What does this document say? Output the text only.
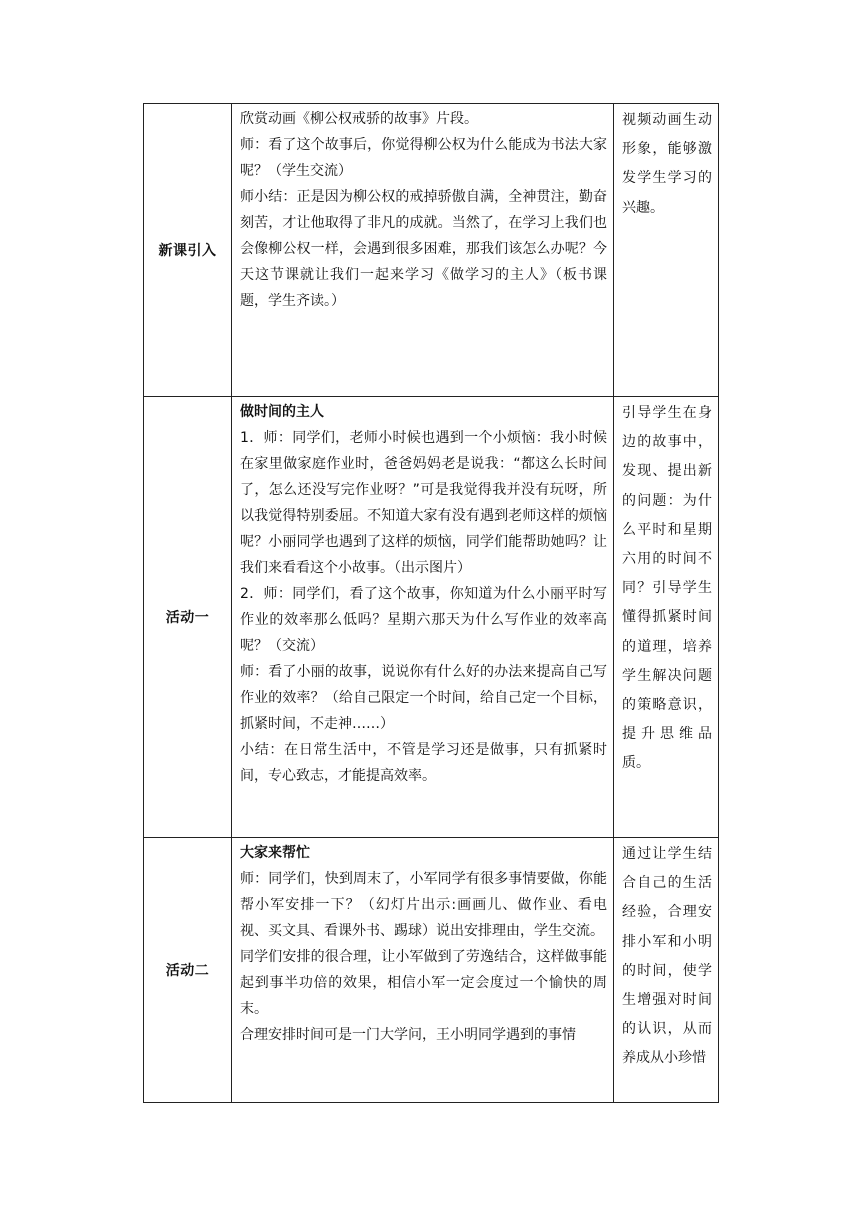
新课引入	欣赏动画《柳公权戒骄的故事》片段。

师：看了这个故事后，你觉得柳公权为什么能成为书法大家呢？（学生交流）

师小结：正是因为柳公权的戒掉骄傲自满，全神贯注，勤奋刻苦，才让他取得了非凡的成就。当然了，在学习上我们也会像柳公权一样，会遇到很多困难，那我们该怎么办呢？今天这节课就让我们一起来学习《做学习的主人》（板书课题，学生齐读。）	视频动画生动形象，能够激发学生学习的兴趣。

活动一	做时间的主人

1．师：同学们，老师小时候也遇到一个小烦恼：我小时候在家里做家庭作业时，爸爸妈妈老是说我：“都这么长时间了，怎么还没写完作业呀？”可是我觉得我并没有玩呀，所以我觉得特别委屈。不知道大家有没有遇到老师这样的烦恼呢？小丽同学也遇到了这样的烦恼，同学们能帮助她吗？让我们来看看这个小故事。（出示图片）

2．师：同学们，看了这个故事，你知道为什么小丽平时写作业的效率那么低吗？星期六那天为什么写作业的效率高呢？（交流）

师：看了小丽的故事，说说你有什么好的办法来提高自己写作业的效率？（给自己限定一个时间，给自己定一个目标，抓紧时间，不走神……）

小结：在日常生活中，不管是学习还是做事，只有抓紧时间，专心致志，才能提高效率。	引导学生在身边的故事中，发现、提出新的问题：为什么平时和星期六用的时间不同？引导学生懂得抓紧时间的道理，培养学生解决问题的策略意识，提升思维品质。

活动二	大家来帮忙

师：同学们，快到周末了，小军同学有很多事情要做，你能帮小军安排一下？（幻灯片出示:画画儿、做作业、看电视、买文具、看课外书、踢球）说出安排理由，学生交流。

同学们安排的很合理，让小军做到了劳逸结合，这样做事能起到事半功倍的效果，相信小军一定会度过一个愉快的周末。

合理安排时间可是一门大学问，王小明同学遇到的事情	通过让学生结合自己的生活经验，合理安排小军和小明的时间，使学生增强对时间的认识，从而养成从小珍惜
